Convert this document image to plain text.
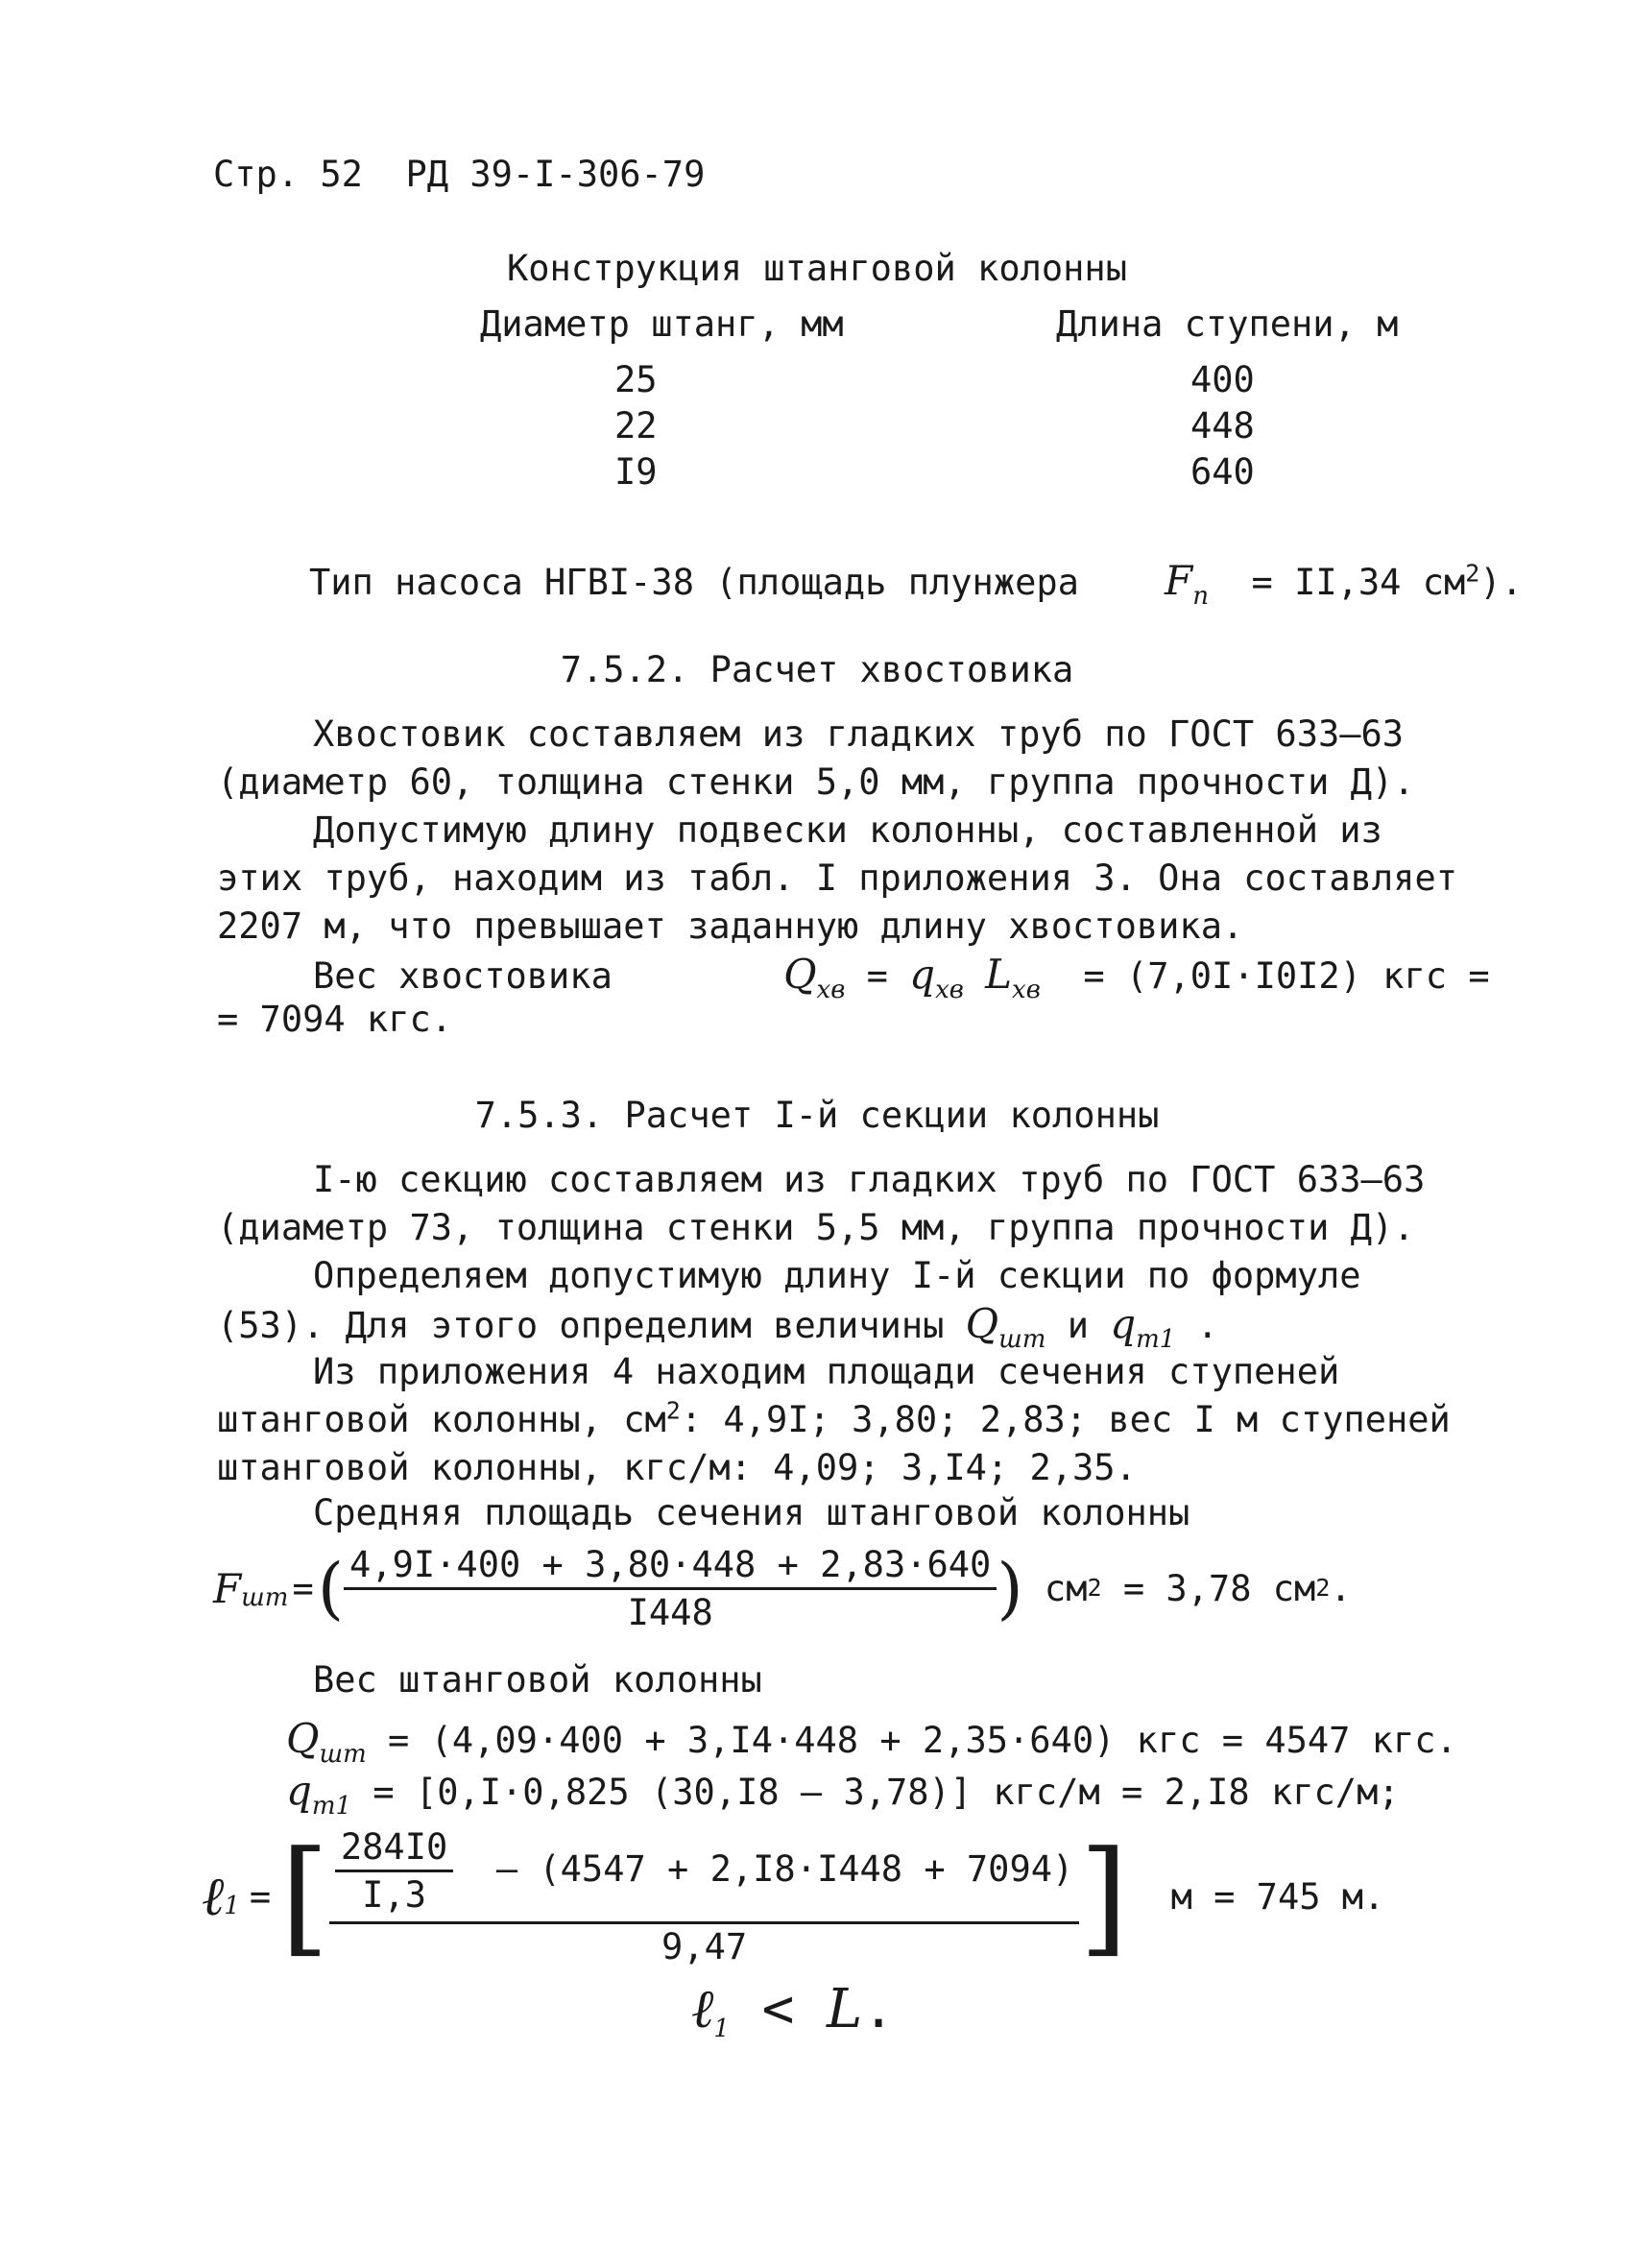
Стр. 52 РД 39-I-306-79
Конструкция штанговой колонны
Диаметр штанг, мм	Длина ступени, м
25	400
22	448
I9	640
Тип насоса НГВI-38 (площадь плунжера $F_п = II,34$ $см^2$).
7.5.2. Расчет хвостовика
Хвостовик составляем из гладких труб по ГОСТ 633–63 (диаметр 60, толщина стенки 5,0 мм, группа прочности Д).
Допустимую длину подвески колонны, составленной из этих труб, находим из табл. I приложения 3. Она составляет 2207 м, что превышает заданную длину хвостовика.
Вес хвостовика	$Q_{хв} = q_{хв}$ $L_{хв} = (7,0I\cdot I0I2)$ кгс =
= 7094 кгс.
7.5.3. Расчет I-й секции колонны
I-ю секцию составляем из гладких труб по ГОСТ 633–63 (диаметр 73, толщина стенки 5,5 мм, группа прочности Д).
Определяем допустимую длину I-й секции по формуле (53). Для этого определим величины $Q_{шт}$ и $q_{т1}$ .
Из приложения 4 находим площади сечения ступеней штанговой колонны, $см^2$: 4,9I; 3,80; 2,83; вес I м ступеней штанговой колонны, кгс/м: 4,09; 3,I4; 2,35.
Средняя площадь сечения штанговой колонны
F шт = ( $\frac{4,9I\cdot 400 + 3,80\cdot 448 + 2,83\cdot 640}{I448}$ )
см 2
= 3,78 см 2 .
Вес штанговой колонны
$Q_{шт} = (4,09\cdot 400 + 3,I4\cdot 448 + 2,35\cdot 640)$ кгс = 4547 кгс.
$q_{т1} = [0,I\cdot 0,825$ (30,I8 – 3,78)] кгс/м = 2,I8 кгс/м;
ℓ 1 = [ $\frac{\frac{284I0}{I,3} - (4547 + 2,I8\cdot I448 + 7094)}{9,47}$ ]
м = 745 м.
ℓ1 < L.
